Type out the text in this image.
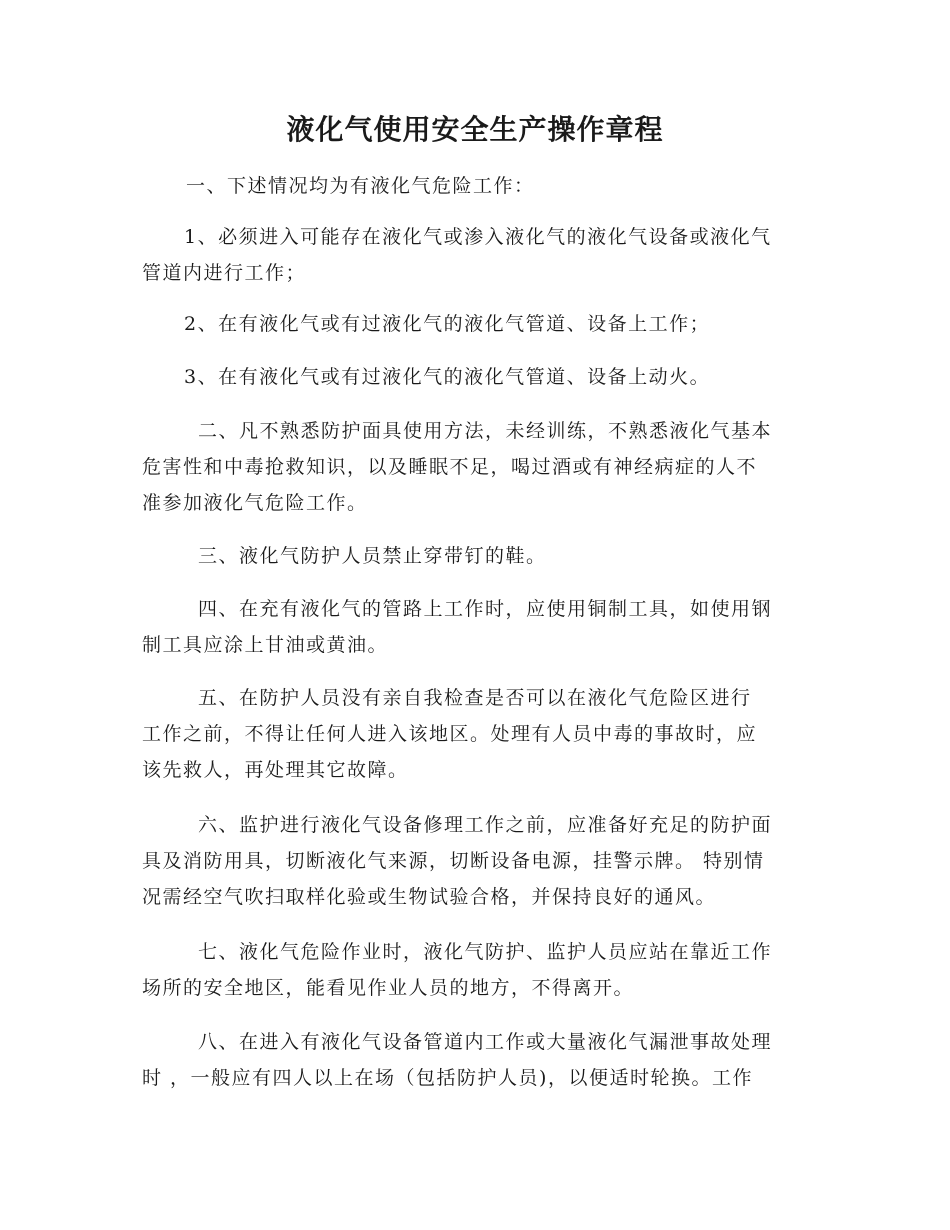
液化气使用安全生产操作章程
一、下述情况均为有液化气危险工作：
1、必须进入可能存在液化气或渗入液化气的液化气设备或液化气
管道内进行工作；
2、在有液化气或有过液化气的液化气管道、设备上工作；
3、在有液化气或有过液化气的液化气管道、设备上动火。
二、凡不熟悉防护面具使用方法，未经训练，不熟悉液化气基本
危害性和中毒抢救知识，以及睡眠不足，喝过酒或有神经病症的人不
准参加液化气危险工作。
三、液化气防护人员禁止穿带钉的鞋。
四、在充有液化气的管路上工作时，应使用铜制工具，如使用钢
制工具应涂上甘油或黄油。
五、在防护人员没有亲自我检查是否可以在液化气危险区进行
工作之前，不得让任何人进入该地区。处理有人员中毒的事故时，应
该先救人，再处理其它故障。
六、监护进行液化气设备修理工作之前，应准备好充足的防护面
具及消防用具，切断液化气来源，切断设备电源，挂警示牌。 特别情
况需经空气吹扫取样化验或生物试验合格，并保持良好的通风。
七、液化气危险作业时，液化气防护、监护人员应站在靠近工作
场所的安全地区，能看见作业人员的地方，不得离开。
八、在进入有液化气设备管道内工作或大量液化气漏泄事故处理
时 ，一般应有四人以上在场（包括防护人员)，以便适时轮换。工作
